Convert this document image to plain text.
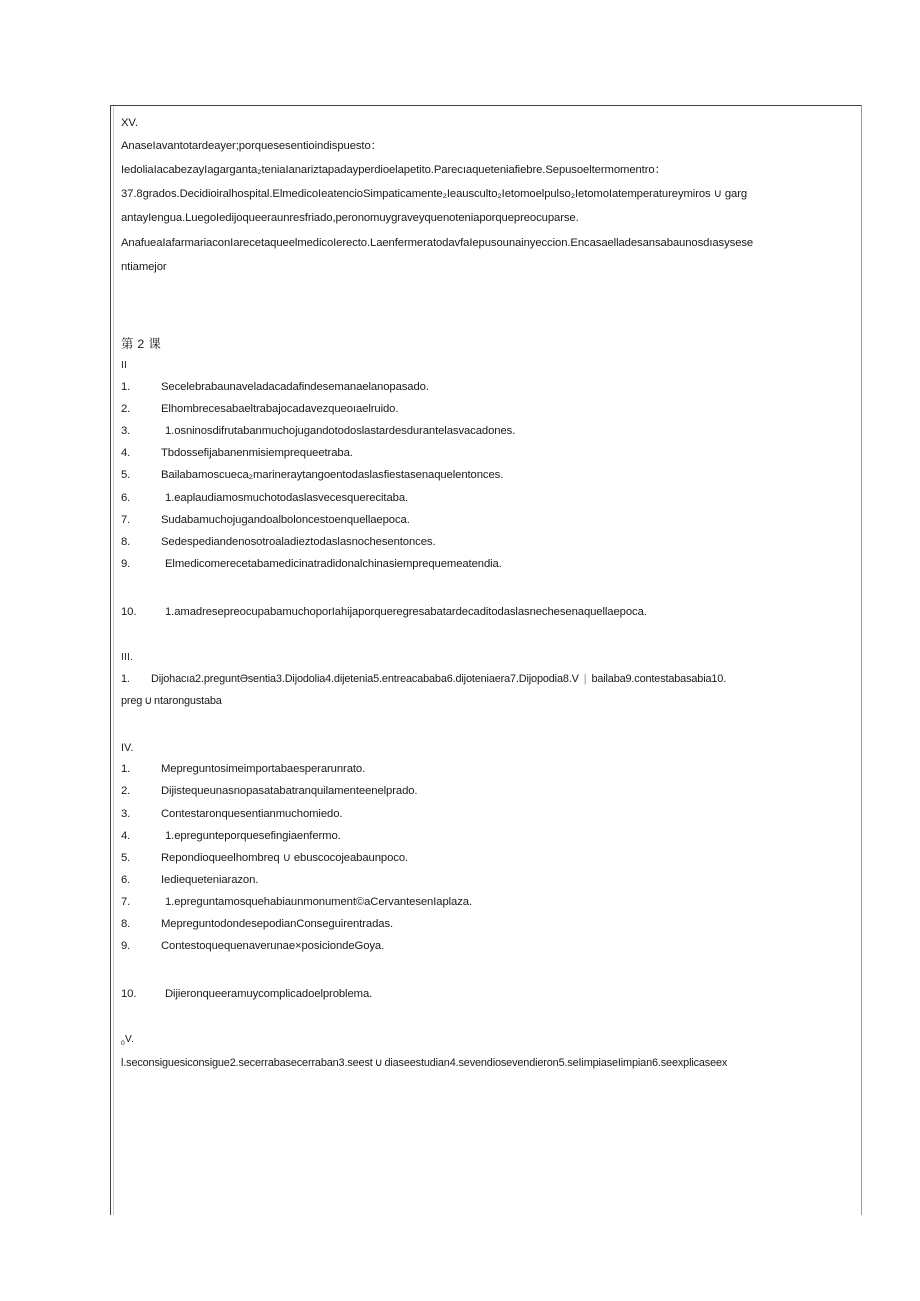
XV.
AnaseIavantotardeayer;porquesesentioindispuesto：
IedoliaIacabezayIagarganta₂teniaIanariztapadayperdioelapetito.Parecıaqueteniafiebre.Sepusoeltermomentro：
37.8grados.Decidioiralhospital.ElmedicoIeatencioSimpaticamente₂Ieausculto₂Ietomoelpulso₂IetomoIatemperatureymiros ∪ garg
antayIengua.LuegoIedijoqueeraunresfriado,peronomuygraveyquenoteniaporquepreocuparse.
AnafueaIafarmariaconIarecetaqueelmedicoIerecto.LaenfermeratodavfaIepusounainyeccion.Encasaelladesansabaunosdıasysese
ntiamejor
第 2 课
II
1.	Secelebrabaunaveladacadafindesemanaelanopasado.
2.	Elhombrecesabaeltrabajocadavezqueoıaelruido.
3.	1.osninosdifrutabanmuchojugandotodoslastardesdurantelasvacadones.
4.	Tbdossefijabanenmisiemprequeetraba.
5.	Bailabamoscueca₂marineraytangoentodaslasfiestasenaquelentonces.
6.	1.eaplaudiamosmuchotodaslasvecesquerecitaba.
7.	Sudabamuchojugandoalboloncestoenquellaepoca.
8.	Sedespediandenosotroaladieztodaslasnochesentonces.
9.	Elmedicomerecetabamedicinatradidonalchinasiemprequemeatendia.
10.	1.amadresepreocupabamuchoporIahijaporqueregresabatardecaditodaslasnechesenaquellaepoca.
III.
1. Dijohacıa2.preguntƏsentia3.Dijodolia4.dijetenia5.entreacababa6.dijoteniaera7.Dijopodia8.V | bailaba9.contestabasabia10.
preg ∪ ntarongustaba
IV.
1.	Mepreguntosimeimportabaesperarunrato.
2.	Dijistequeunasnopasatabatranquilamenteenelprado.
3.	Contestaronquesentianmuchomiedo.
4.	1.epregunteporquesefingiaenfermo.
5.	Repondioqueelhombreq ∪ ebuscocojeabaunpoco.
6.	Iediequeteniarazon.
7.	1.epreguntamosquehabiaunmonument©aCervantesenIaplaza.
8.	MepreguntodondesepodianConseguirentradas.
9.	Contestoquequenaverunae×posiciondeGoya.
10.	Dijieronqueeramuycomplicadoelproblema.
$_0$V.
l.seconsiguesiconsigue2.secerrabasecerraban3.seest ∪ diaseestudian4.sevendiosevendieron5.seIimpiaseIimpian6.seexplicaseex
